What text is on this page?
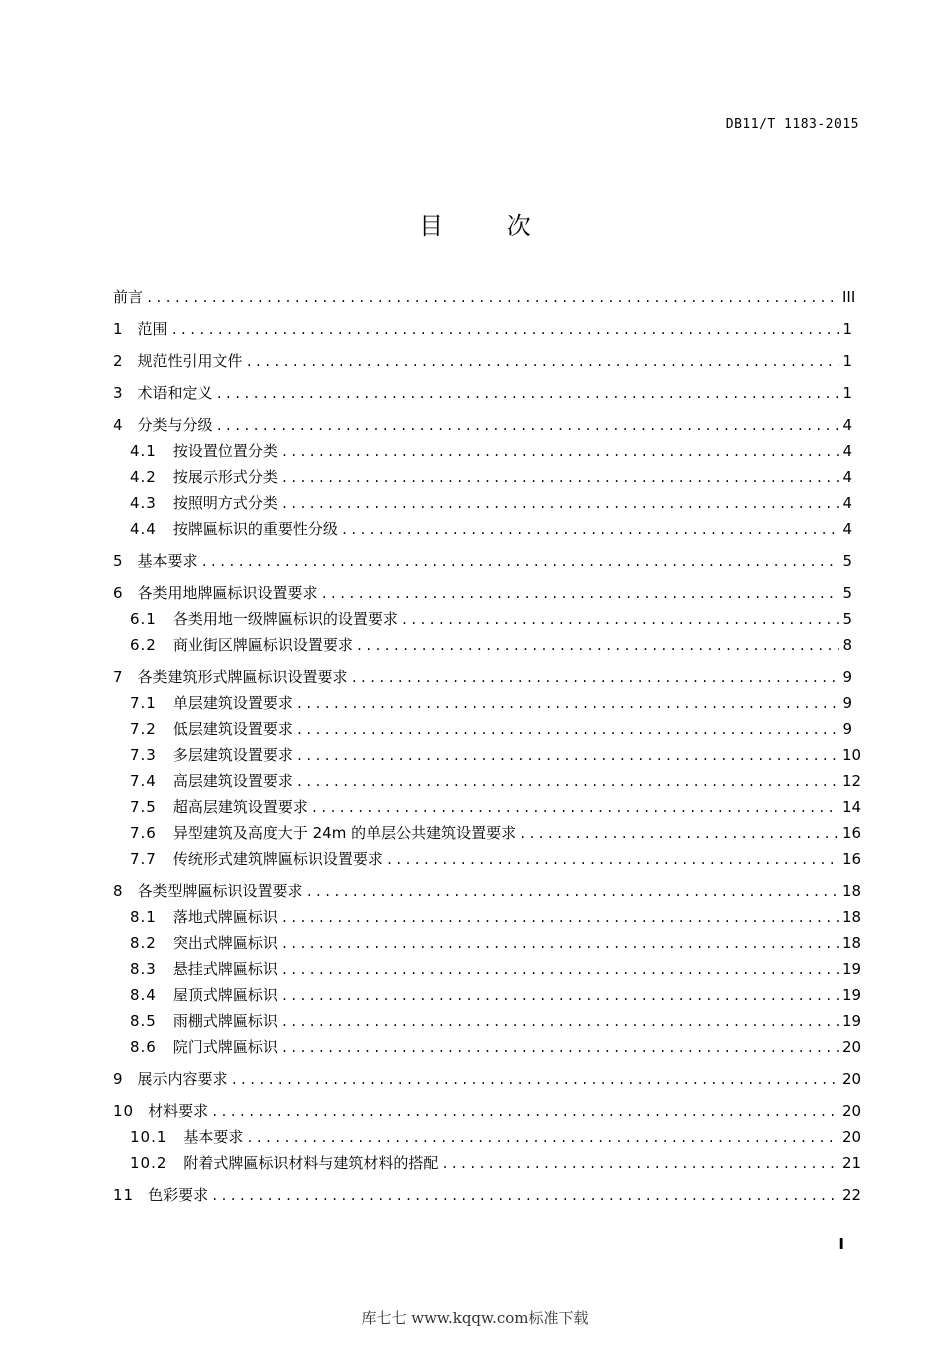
DB11/T 1183-2015
目 次
前言 .....	III
1 范围 .....	1
2 规范性引用文件 .....	1
3 术语和定义 .....	1
4 分类与分级 .....	4
4.1 按设置位置分类 .....	4
4.2 按展示形式分类 .....	4
4.3 按照明方式分类 .....	4
4.4 按牌匾标识的重要性分级 .....	4
5 基本要求 .....	5
6 各类用地牌匾标识设置要求 .....	5
6.1 各类用地一级牌匾标识的设置要求 .....	5
6.2 商业街区牌匾标识设置要求 .....	8
7 各类建筑形式牌匾标识设置要求 .....	9
7.1 单层建筑设置要求 .....	9
7.2 低层建筑设置要求 .....	9
7.3 多层建筑设置要求 .....	10
7.4 高层建筑设置要求 .....	12
7.5 超高层建筑设置要求 .....	14
7.6 异型建筑及高度大于 24m 的单层公共建筑设置要求 .....	16
7.7 传统形式建筑牌匾标识设置要求 .....	16
8 各类型牌匾标识设置要求 .....	18
8.1 落地式牌匾标识 .....	18
8.2 突出式牌匾标识 .....	18
8.3 悬挂式牌匾标识 .....	19
8.4 屋顶式牌匾标识 .....	19
8.5 雨棚式牌匾标识 .....	19
8.6 院门式牌匾标识 .....	20
9 展示内容要求 .....	20
10 材料要求 .....	20
10.1 基本要求 .....	20
10.2 附着式牌匾标识材料与建筑材料的搭配 .....	21
11 色彩要求 .....	22
I
库七七 www.kqqw.com标准下载
